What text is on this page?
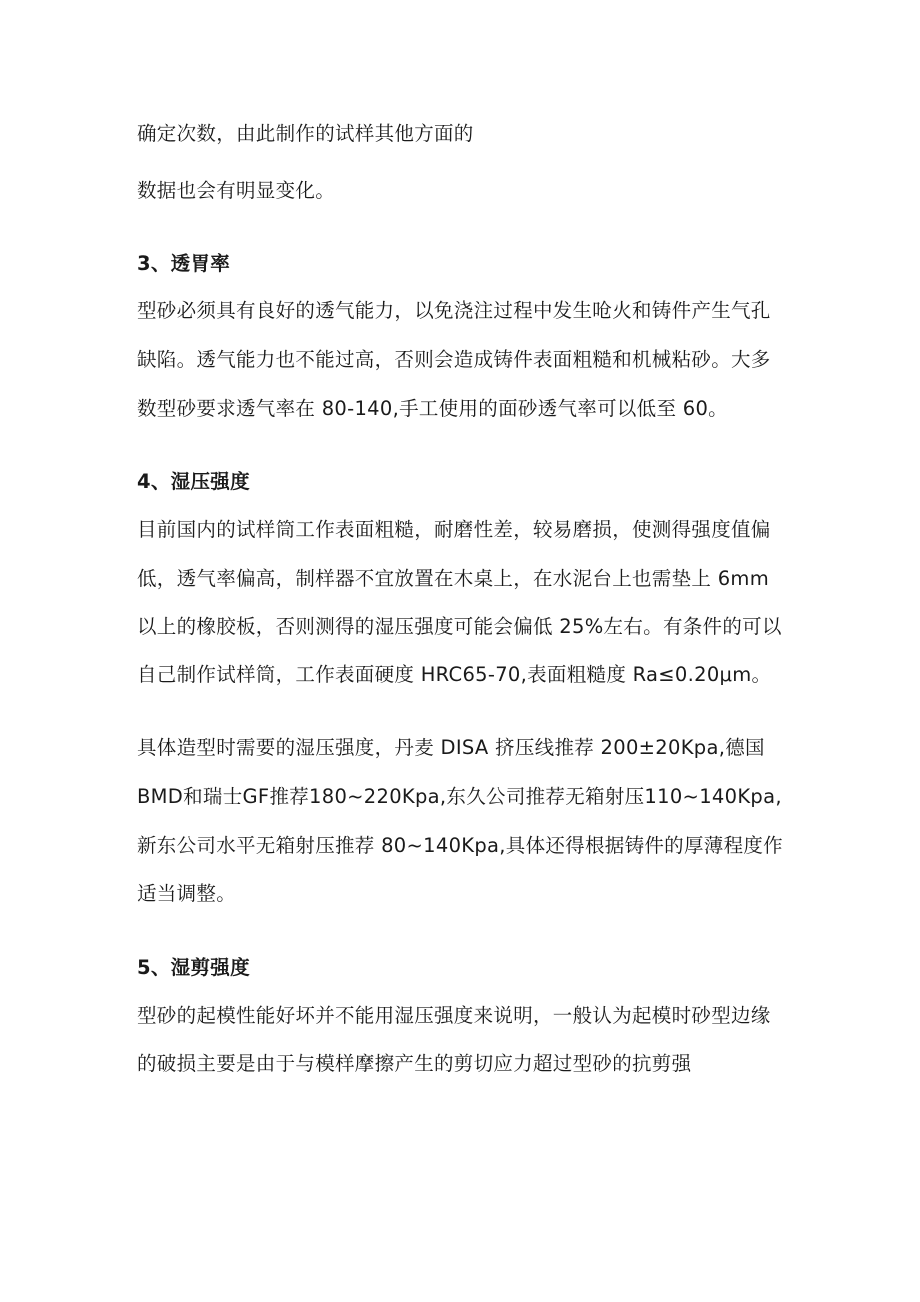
确定次数，由此制作的试样其他方面的

数据也会有明显变化。

3、透胃率

型砂必须具有良好的透气能力，以免浇注过程中发生呛火和铸件产生气孔

缺陷。透气能力也不能过高，否则会造成铸件表面粗糙和机械粘砂。大多

数型砂要求透气率在 80-140,手工使用的面砂透气率可以低至 60。

4、湿压强度

目前国内的试样筒工作表面粗糙，耐磨性差，较易磨损，使测得强度值偏

低，透气率偏高，制样器不宜放置在木桌上，在水泥台上也需垫上 6mm

以上的橡胶板，否则测得的湿压强度可能会偏低 25%左右。有条件的可以

自己制作试样筒，工作表面硬度 HRC65-70,表面粗糙度 Ra≤0.20μm。

具体造型时需要的湿压强度，丹麦 DISA 挤压线推荐 200±20Kpa,德国

BMD和瑞士GF推荐180~220Kpa,东久公司推荐无箱射压110~140Kpa,

新东公司水平无箱射压推荐 80~140Kpa,具体还得根据铸件的厚薄程度作

适当调整。

5、湿剪强度

型砂的起模性能好坏并不能用湿压强度来说明，一般认为起模时砂型边缘

的破损主要是由于与模样摩擦产生的剪切应力超过型砂的抗剪强
